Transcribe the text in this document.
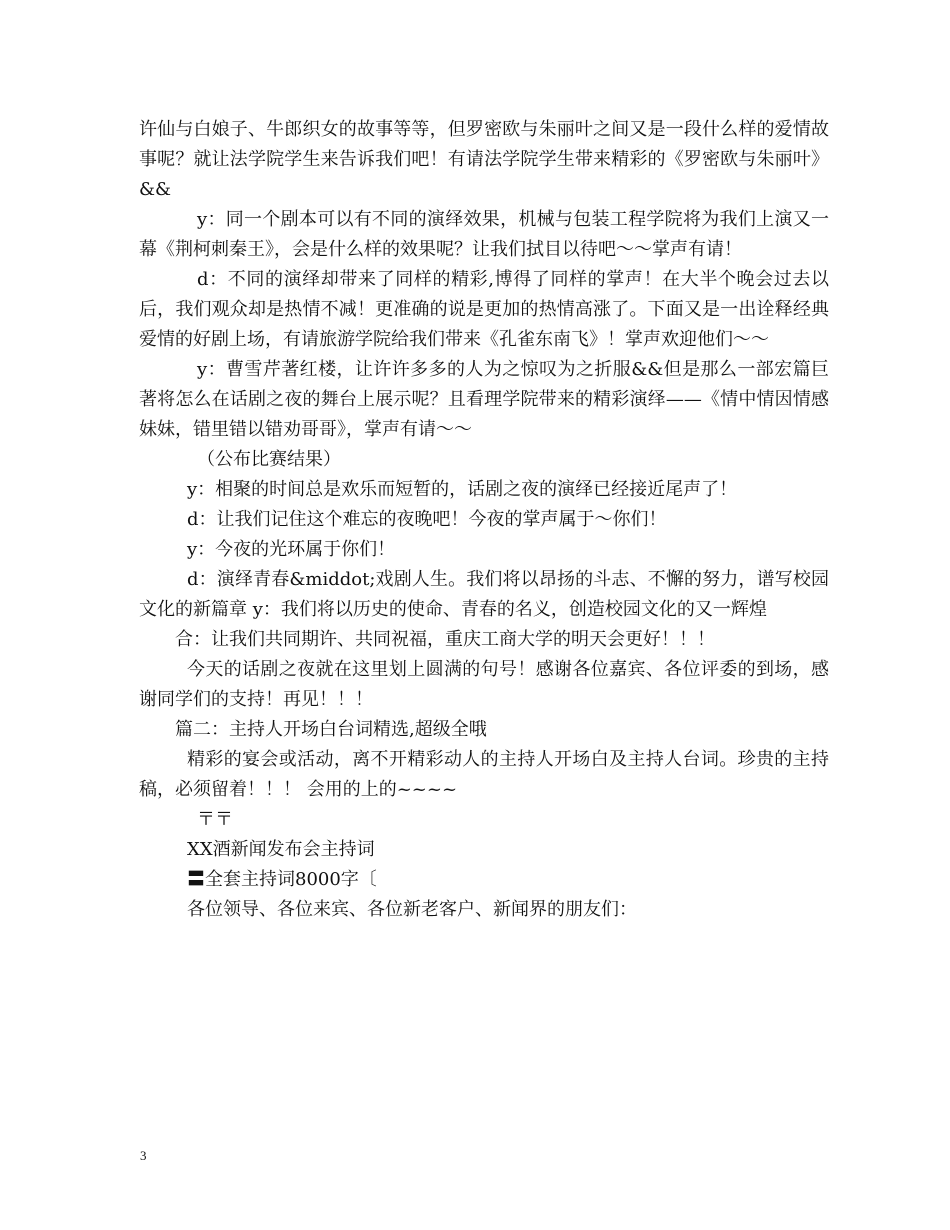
许仙与白娘子、牛郎织女的故事等等，但罗密欧与朱丽叶之间又是一段什么样的爱情故事呢？就让法学院学生来告诉我们吧！有请法学院学生带来精彩的《罗密欧与朱丽叶》&&

y：同一个剧本可以有不同的演绎效果，机械与包装工程学院将为我们上演又一幕《荆柯刺秦王》，会是什么样的效果呢？让我们拭目以待吧～～掌声有请！

d：不同的演绎却带来了同样的精彩,博得了同样的掌声！在大半个晚会过去以后，我们观众却是热情不减！更准确的说是更加的热情高涨了。下面又是一出诠释经典爱情的好剧上场，有请旅游学院给我们带来《孔雀东南飞》！掌声欢迎他们～～

y：曹雪芹著红楼，让许许多多的人为之惊叹为之折服&&但是那么一部宏篇巨著将怎么在话剧之夜的舞台上展示呢？且看理学院带来的精彩演绎——《情中情因情感妹妹，错里错以错劝哥哥》，掌声有请～～

（公布比赛结果）

y：相聚的时间总是欢乐而短暂的，话剧之夜的演绎已经接近尾声了！

d：让我们记住这个难忘的夜晚吧！今夜的掌声属于～你们！

y：今夜的光环属于你们！

d：演绎青春&middot;戏剧人生。我们将以昂扬的斗志、不懈的努力，谱写校园文化的新篇章 y：我们将以历史的使命、青春的名义，创造校园文化的又一辉煌

合：让我们共同期许、共同祝福，重庆工商大学的明天会更好！！！

今天的话剧之夜就在这里划上圆满的句号！感谢各位嘉宾、各位评委的到场，感谢同学们的支持！再见！！！

篇二：主持人开场白台词精选,超级全哦

精彩的宴会或活动，离不开精彩动人的主持人开场白及主持人台词。珍贵的主持稿，必须留着！！！ 会用的上的~~~~

〒〒

XX酒新闻发布会主持词

〓全套主持词8000字〔

各位领导、各位来宾、各位新老客户、新闻界的朋友们：

3
